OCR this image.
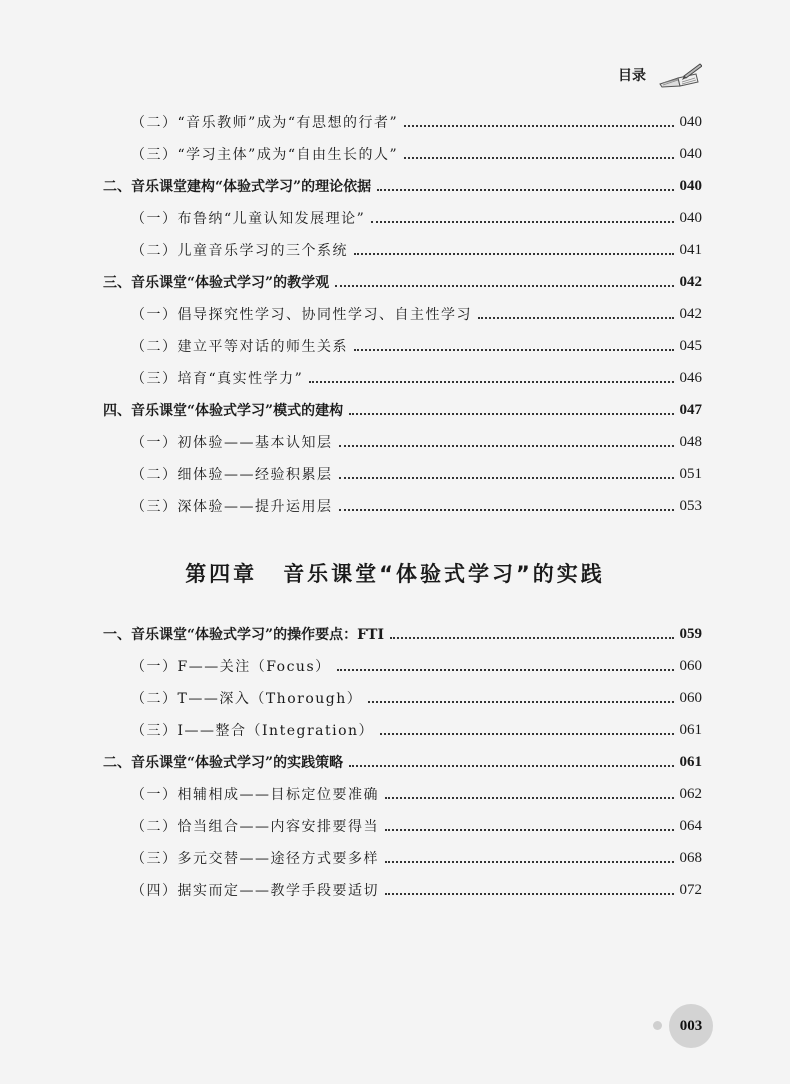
目录
（二）“音乐教师”成为“有思想的行者”	040
（三）“学习主体”成为“自由生长的人”	040
二、音乐课堂建构“体验式学习”的理论依据	040
（一）布鲁纳“儿童认知发展理论”	040
（二）儿童音乐学习的三个系统	041
三、音乐课堂“体验式学习”的教学观	042
（一）倡导探究性学习、协同性学习、自主性学习	042
（二）建立平等对话的师生关系	045
（三）培育“真实性学力”	046
四、音乐课堂“体验式学习”模式的建构	047
（一）初体验——基本认知层	048
（二）细体验——经验积累层	051
（三）深体验——提升运用层	053
第四章 音乐课堂“体验式学习”的实践
一、音乐课堂“体验式学习”的操作要点：FTI	059
（一）F——关注（Focus）	060
（二）T——深入（Thorough）	060
（三）I——整合（Integration）	061
二、音乐课堂“体验式学习”的实践策略	061
（一）相辅相成——目标定位要准确	062
（二）恰当组合——内容安排要得当	064
（三）多元交替——途径方式要多样	068
（四）据实而定——教学手段要适切	072
003
